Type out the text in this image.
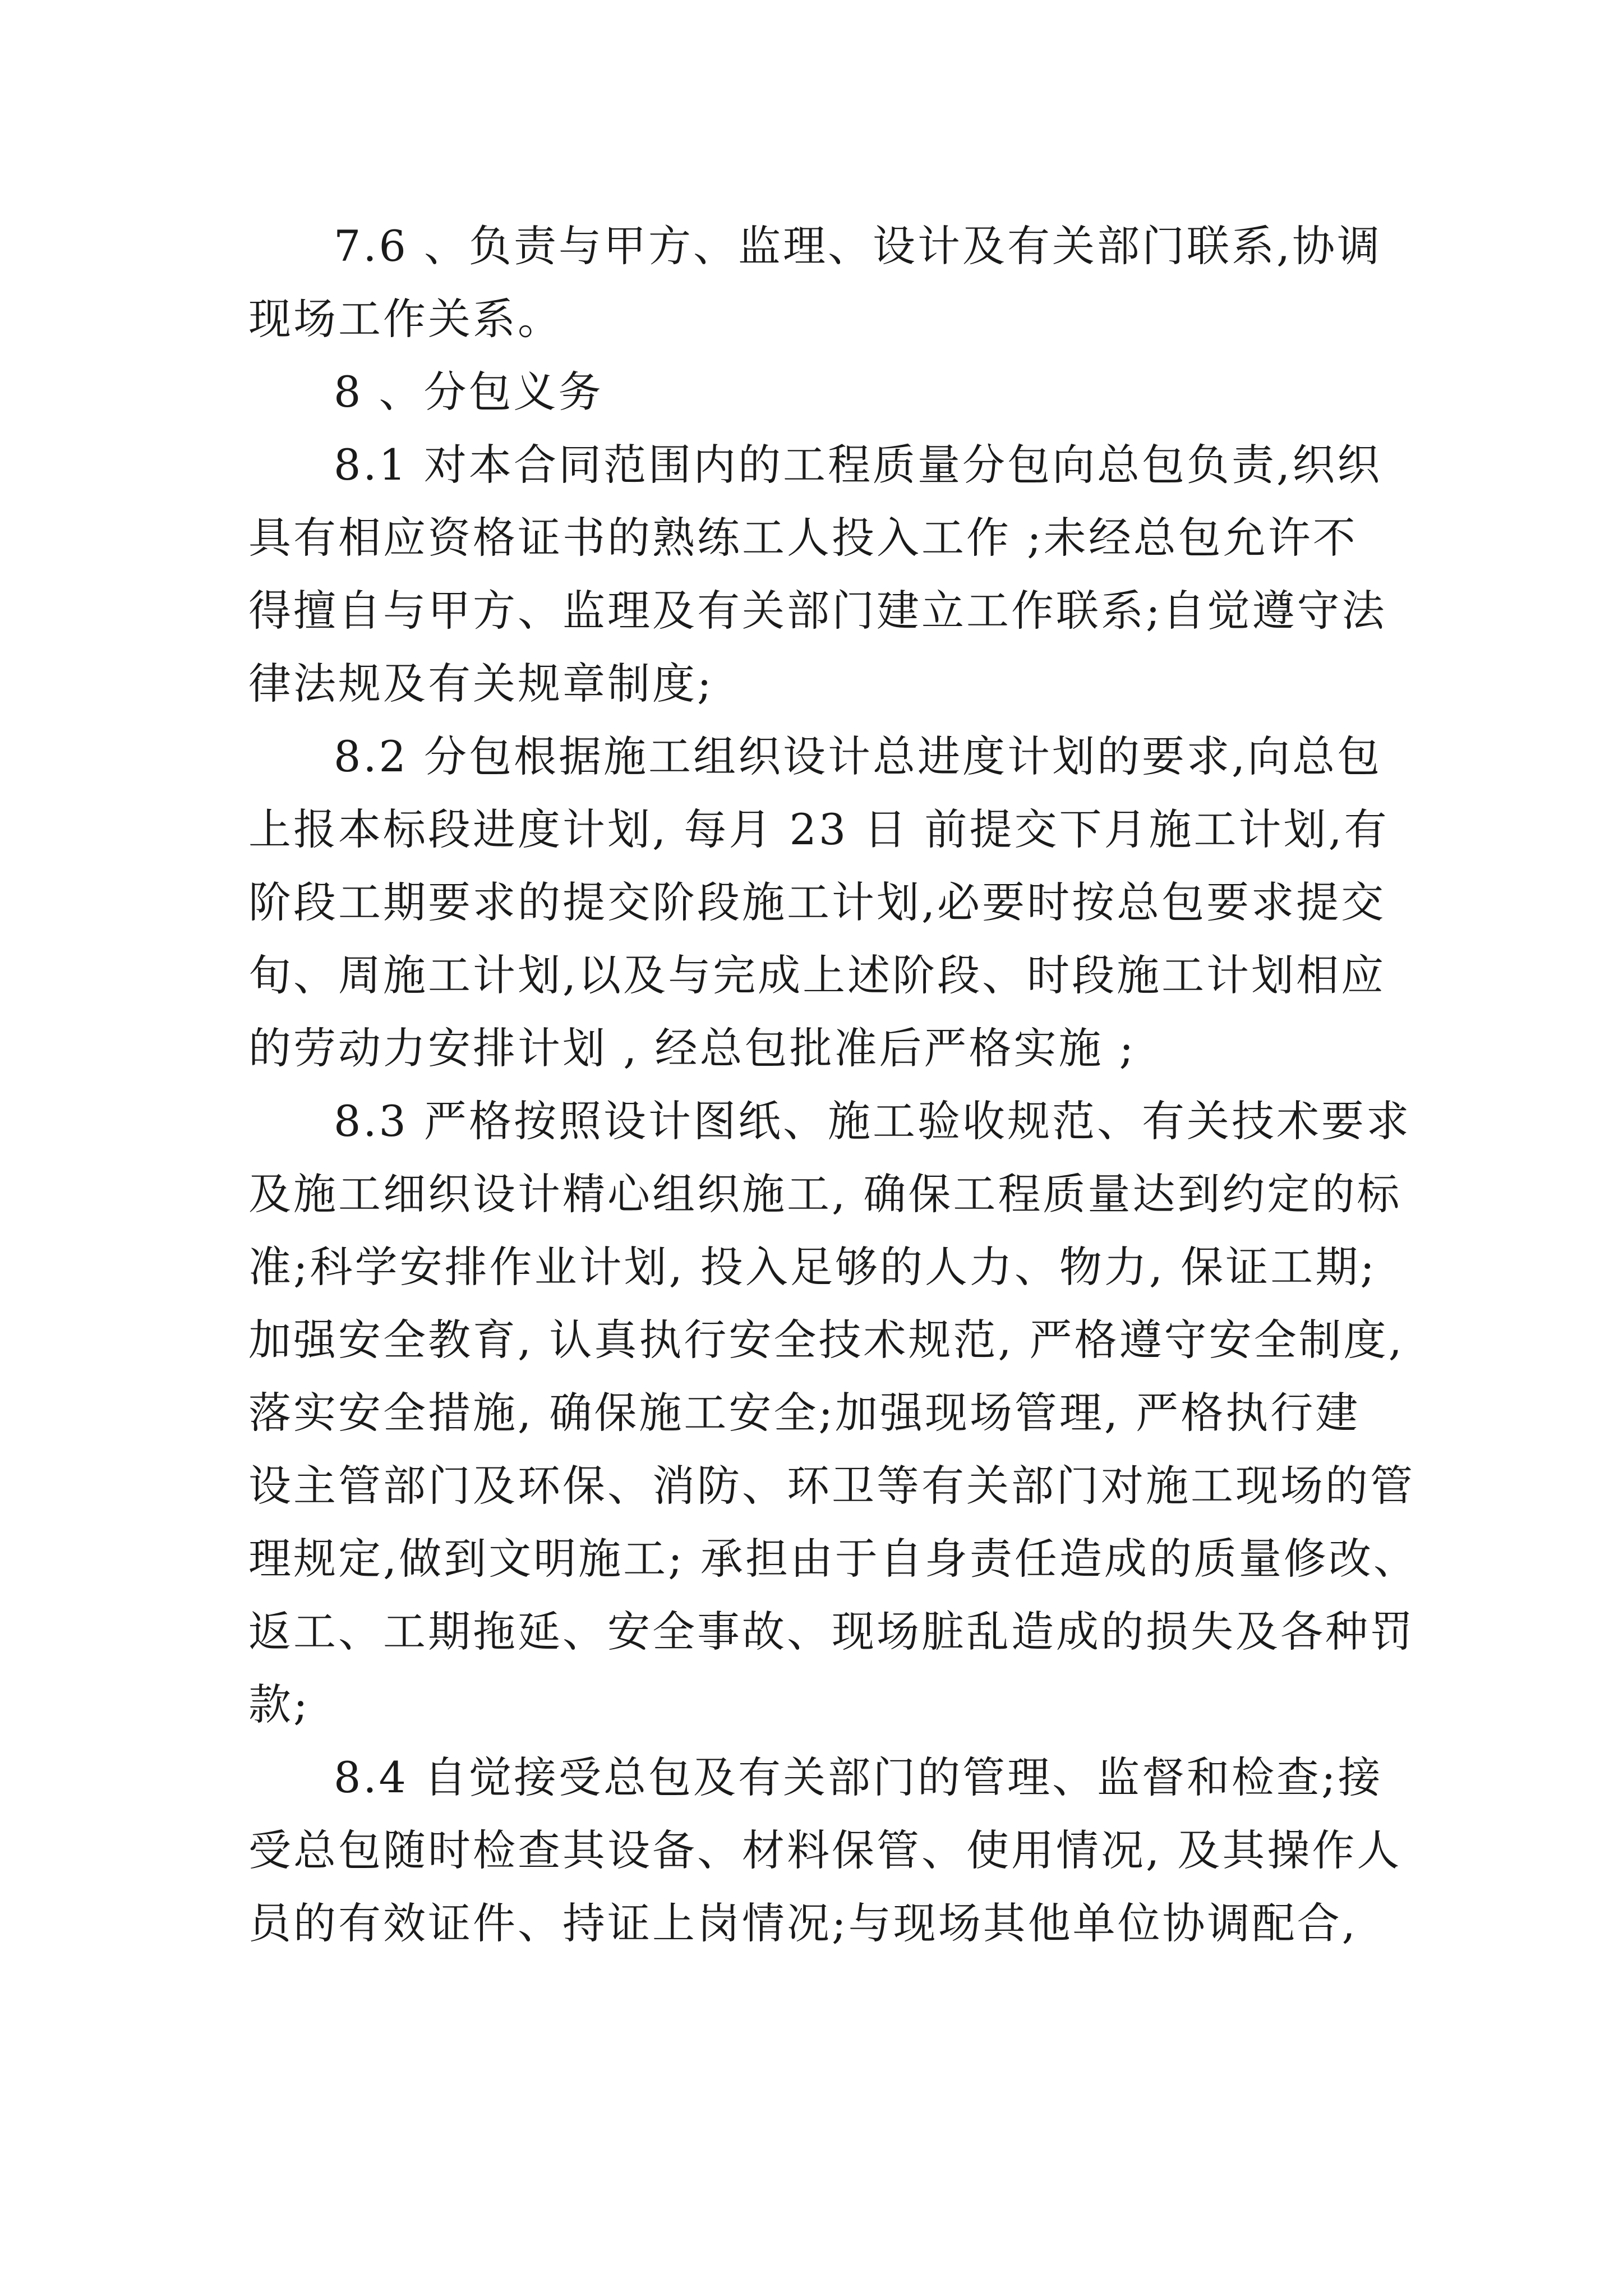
7.6 、负责与甲方、监理、设计及有关部门联系,协调
现场工作关系。
8 、分包义务
8.1 对本合同范围内的工程质量分包向总包负责,织织
具有相应资格证书的熟练工人投入工作 ;未经总包允许不
得擅自与甲方、监理及有关部门建立工作联系;自觉遵守法
律法规及有关规章制度;
8.2 分包根据施工组织设计总进度计划的要求,向总包
上报本标段进度计划, 每月 23 日 前提交下月施工计划,有
阶段工期要求的提交阶段施工计划,必要时按总包要求提交
旬、周施工计划,以及与完成上述阶段、时段施工计划相应
的劳动力安排计划 , 经总包批准后严格实施 ;
8.3 严格按照设计图纸、施工验收规范、有关技术要求
及施工细织设计精心组织施工, 确保工程质量达到约定的标
准;科学安排作业计划, 投入足够的人力、物力, 保证工期;
加强安全教育, 认真执行安全技术规范, 严格遵守安全制度,
落实安全措施, 确保施工安全;加强现场管理, 严格执行建
设主管部门及环保、消防、环卫等有关部门对施工现场的管
理规定,做到文明施工; 承担由于自身责任造成的质量修改、
返工、工期拖延、安全事故、现场脏乱造成的损失及各种罚
款;
8.4 自觉接受总包及有关部门的管理、监督和检查;接
受总包随时检查其设备、材料保管、使用情况, 及其操作人
员的有效证件、持证上岗情况;与现场其他单位协调配合,
